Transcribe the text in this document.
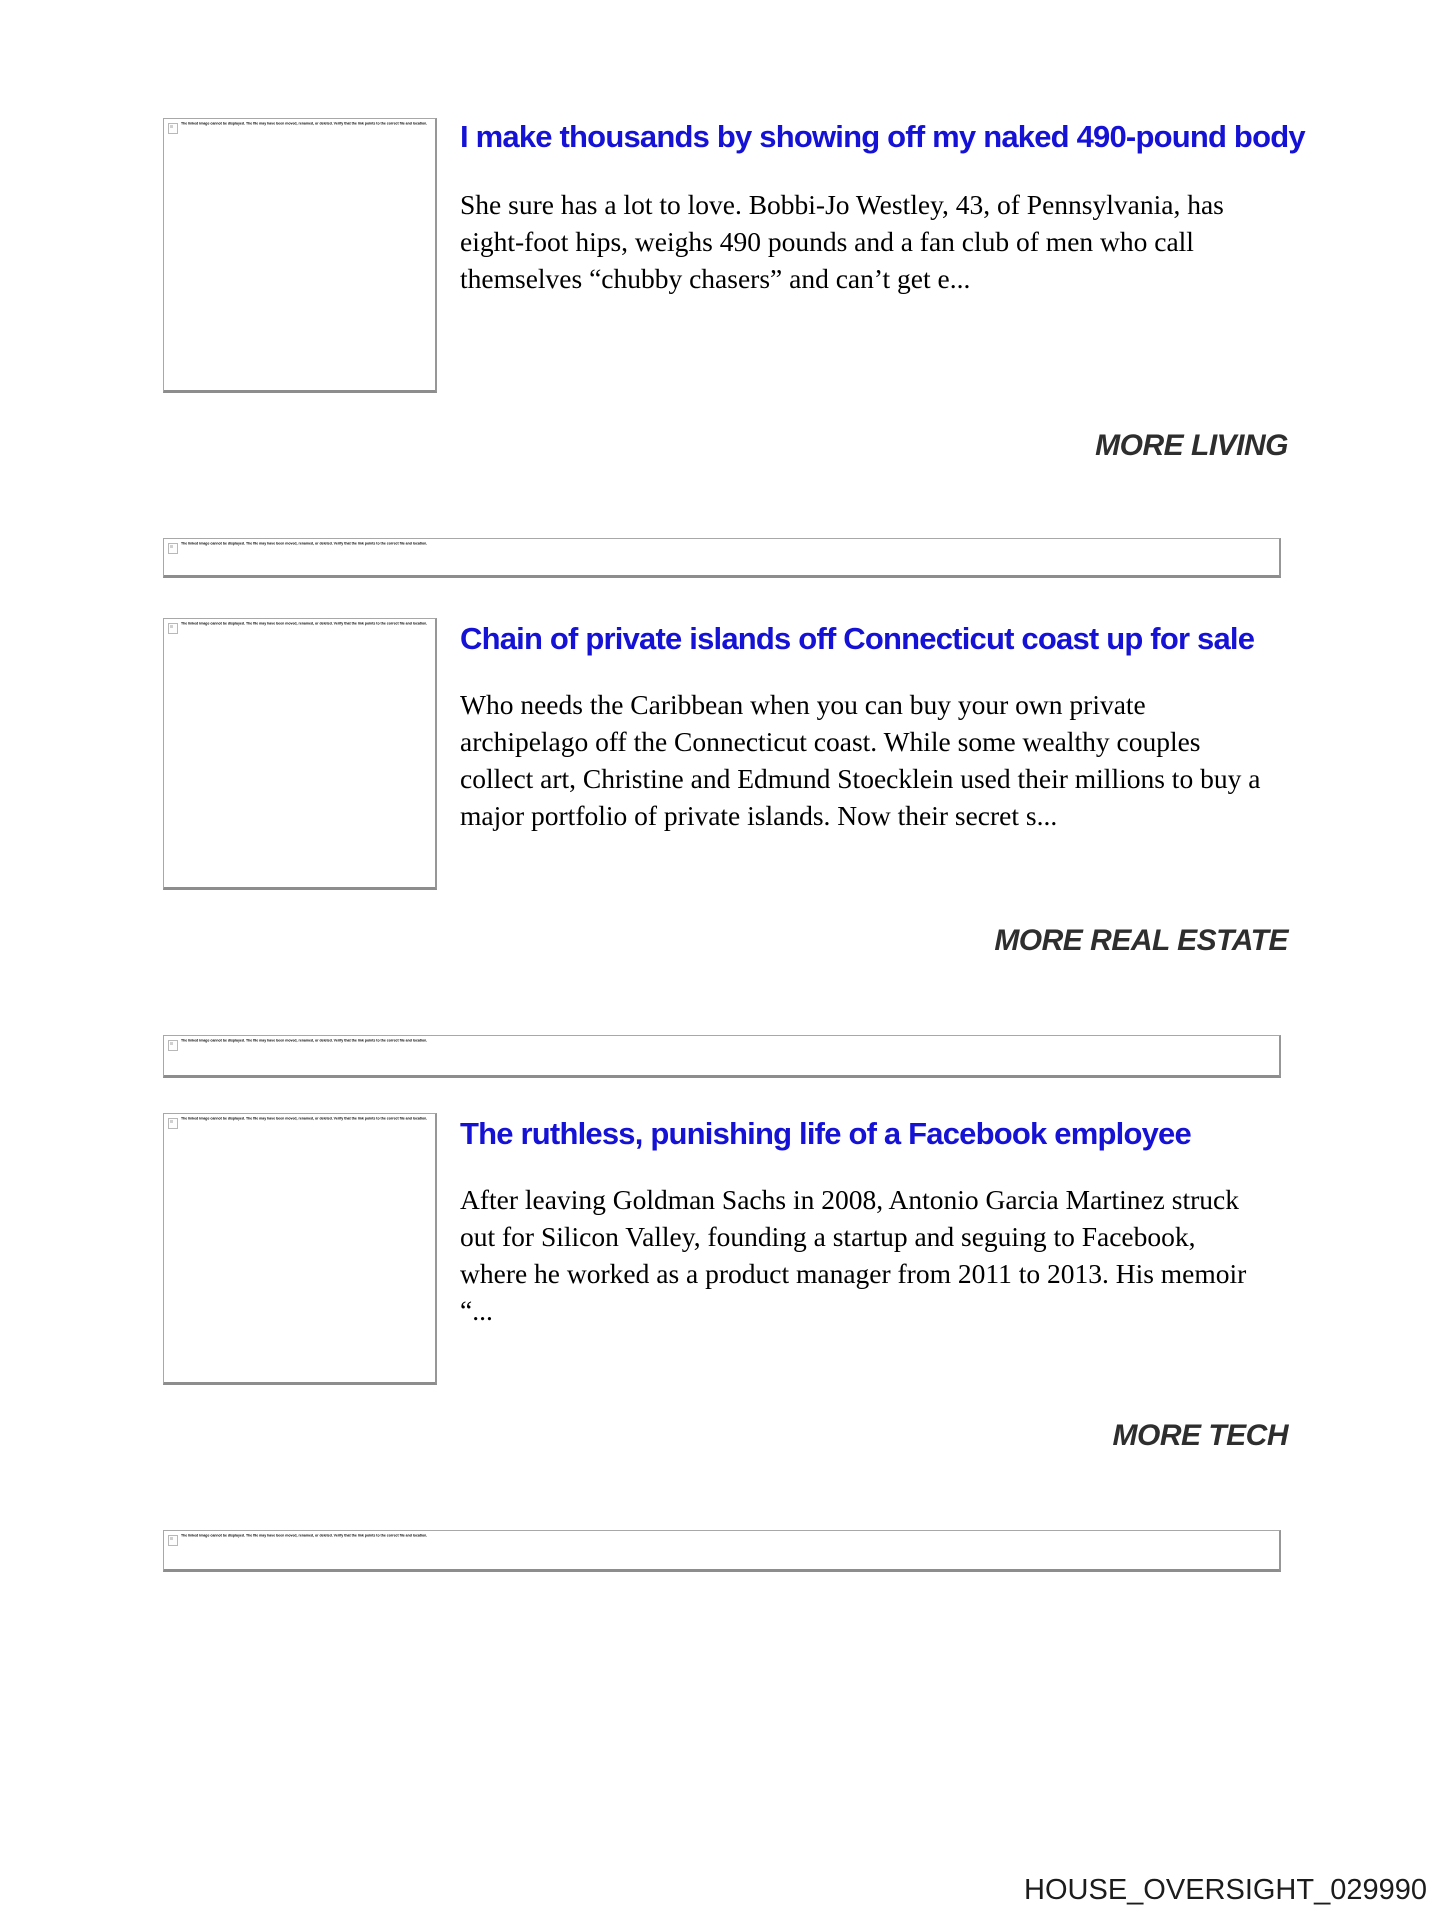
The linked image cannot be displayed. The file may have been moved, renamed, or deleted. Verify that the link points to the correct file and location. I make thousands by showing off my naked 490-pound body
She sure has a lot to love. Bobbi-Jo Westley, 43, of Pennsylvania, has
eight-foot hips, weighs 490 pounds and a fan club of men who call
themselves “chubby chasers” and can’t get e...
MORE LIVING
The linked image cannot be displayed. The file may have been moved, renamed, or deleted. Verify that the link points to the correct file and location.
The linked image cannot be displayed. The file may have been moved, renamed, or deleted. Verify that the link points to the correct file and location. Chain of private islands off Connecticut coast up for sale
Who needs the Caribbean when you can buy your own private
archipelago off the Connecticut coast. While some wealthy couples
collect art, Christine and Edmund Stoecklein used their millions to buy a
major portfolio of private islands. Now their secret s...
MORE REAL ESTATE
The linked image cannot be displayed. The file may have been moved, renamed, or deleted. Verify that the link points to the correct file and location.
The linked image cannot be displayed. The file may have been moved, renamed, or deleted. Verify that the link points to the correct file and location. The ruthless, punishing life of a Facebook employee
After leaving Goldman Sachs in 2008, Antonio Garcia Martinez struck
out for Silicon Valley, founding a startup and seguing to Facebook,
where he worked as a product manager from 2011 to 2013. His memoir
“...
MORE TECH
The linked image cannot be displayed. The file may have been moved, renamed, or deleted. Verify that the link points to the correct file and location.
HOUSE_OVERSIGHT_029990
